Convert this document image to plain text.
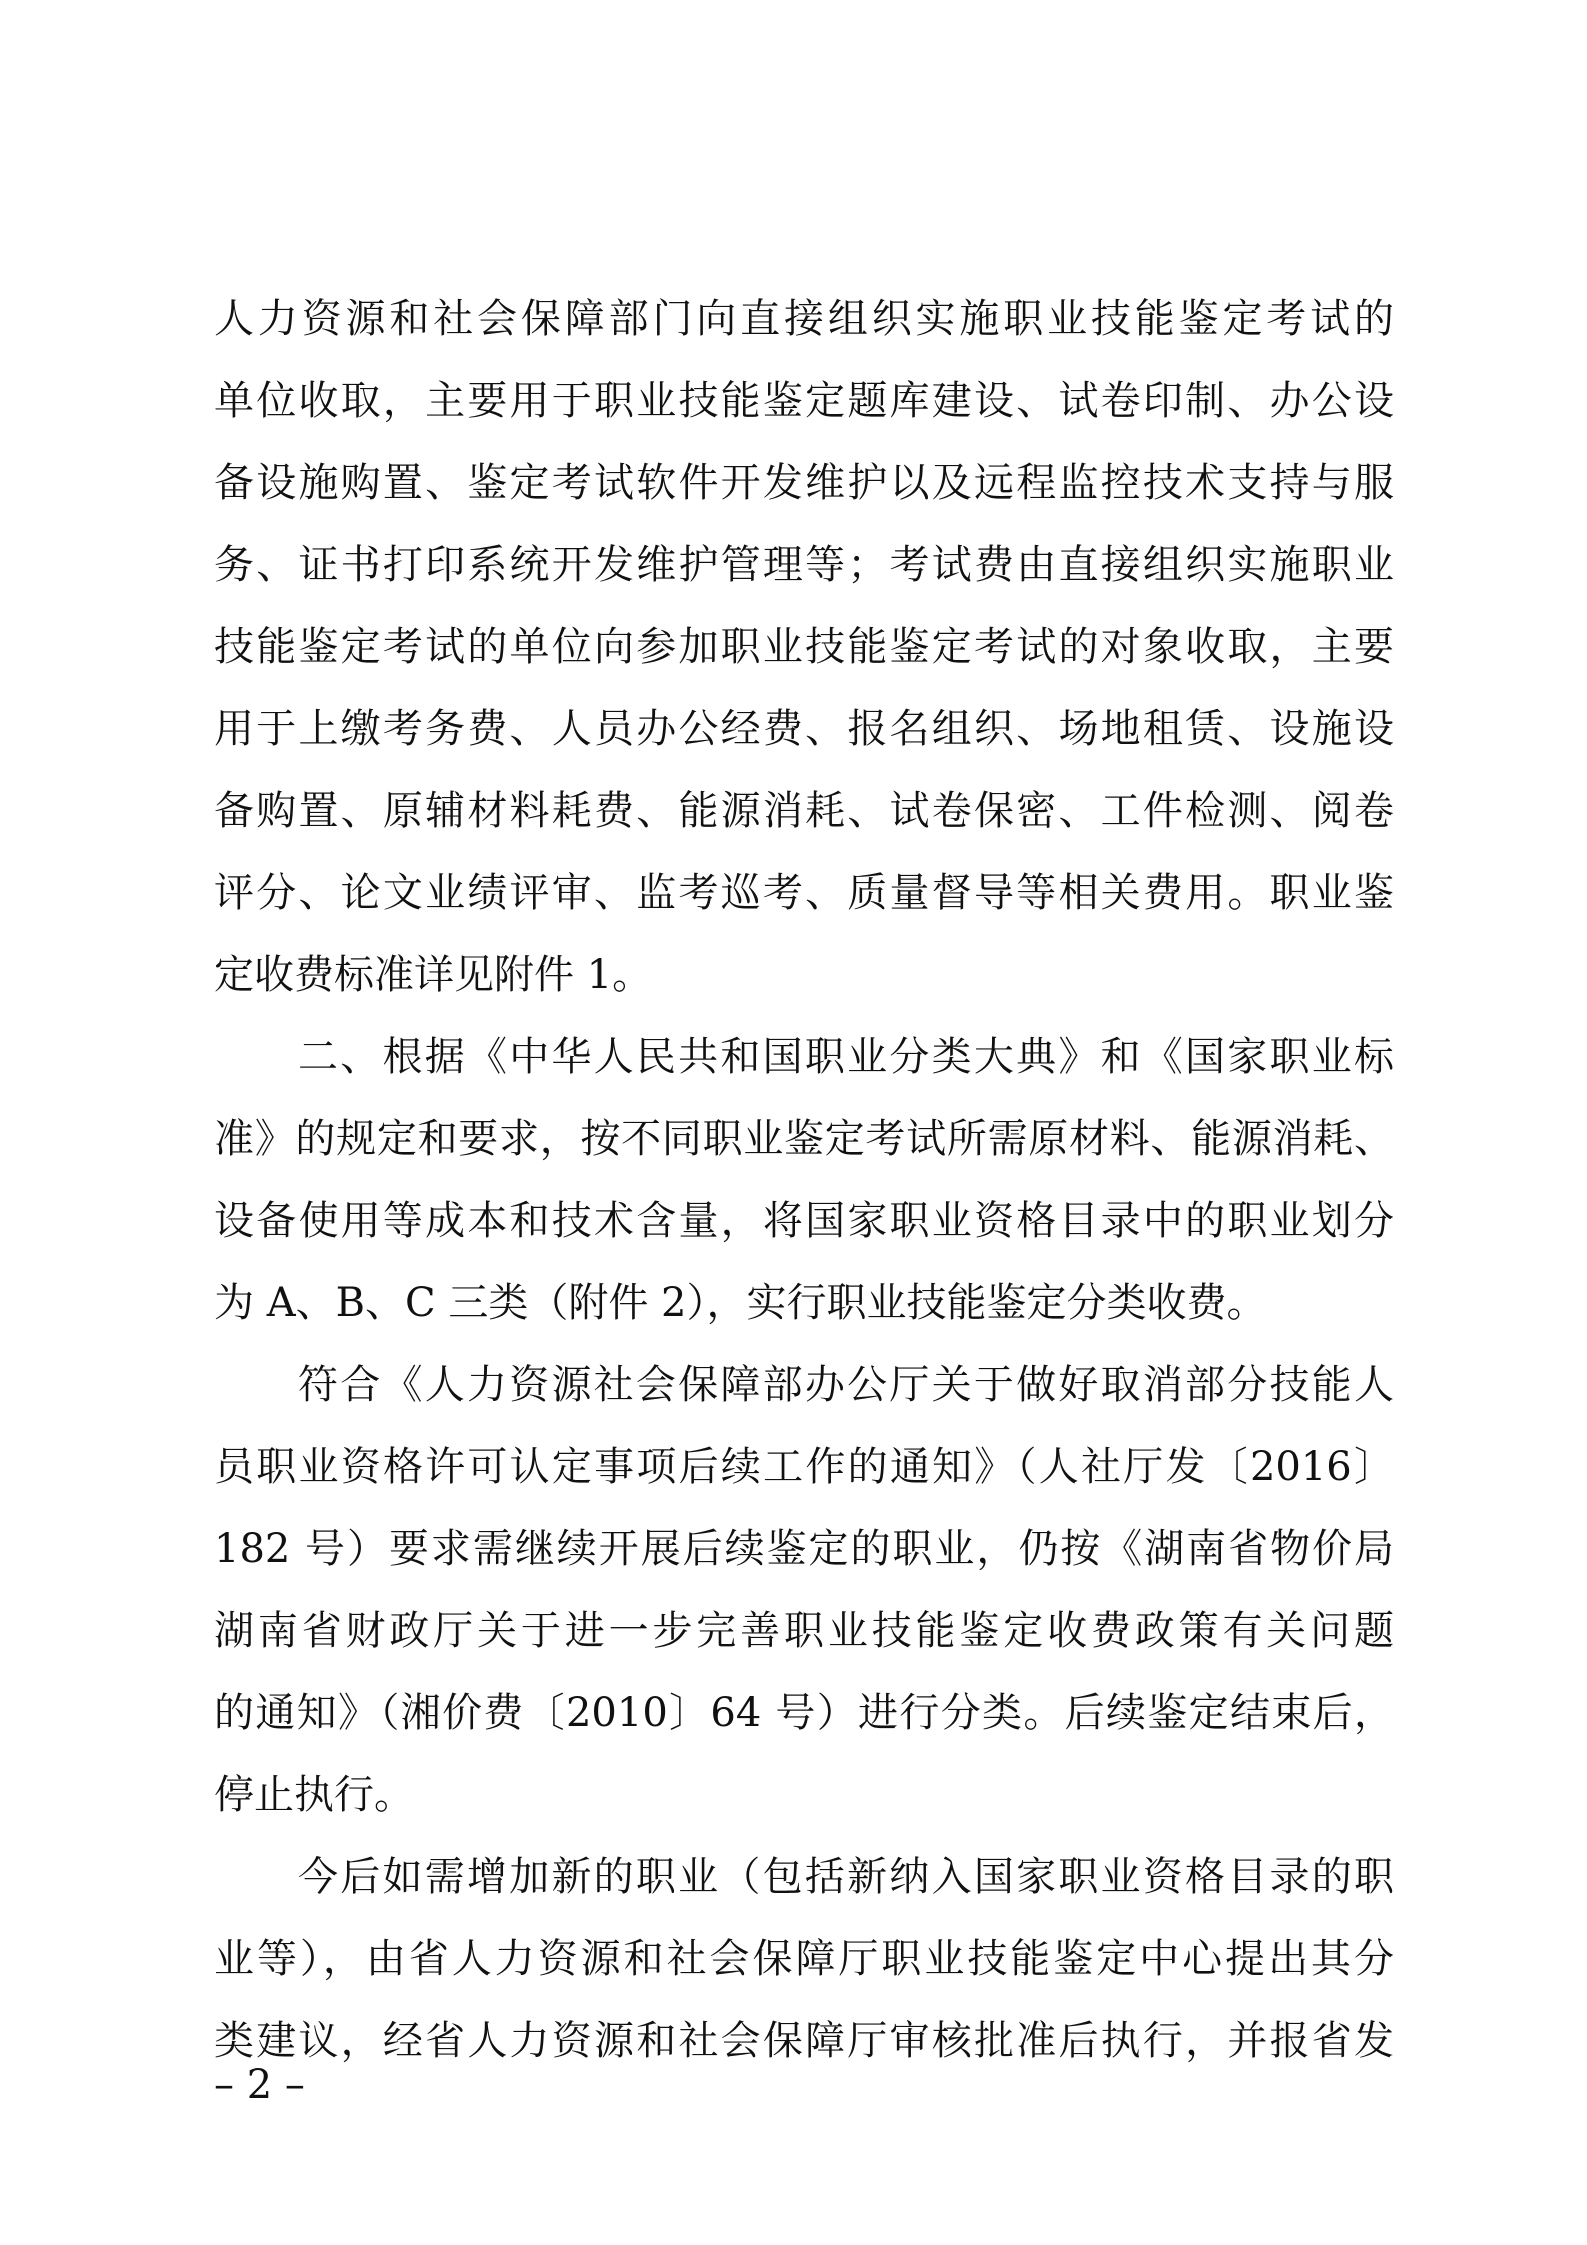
人力资源和社会保障部门向直接组织实施职业技能鉴定考试的
单位收取，主要用于职业技能鉴定题库建设、试卷印制、办公设
备设施购置、鉴定考试软件开发维护以及远程监控技术支持与服
务、证书打印系统开发维护管理等；考试费由直接组织实施职业
技能鉴定考试的单位向参加职业技能鉴定考试的对象收取，主要
用于上缴考务费、人员办公经费、报名组织、场地租赁、设施设
备购置、原辅材料耗费、能源消耗、试卷保密、工件检测、阅卷
评分、论文业绩评审、监考巡考、质量督导等相关费用。职业鉴
定收费标准详见附件 1。
二、根据《中华人民共和国职业分类大典》和《国家职业标
准》的规定和要求，按不同职业鉴定考试所需原材料、能源消耗、
设备使用等成本和技术含量，将国家职业资格目录中的职业划分
为 A、B、C 三类（附件 2），实行职业技能鉴定分类收费。
符合《人力资源社会保障部办公厅关于做好取消部分技能人
员职业资格许可认定事项后续工作的通知》（人社厅发〔2016〕
182 号）要求需继续开展后续鉴定的职业，仍按《湖南省物价局
湖南省财政厅关于进一步完善职业技能鉴定收费政策有关问题
的通知》（湘价费〔2010〕64 号）进行分类。后续鉴定结束后，
停止执行。
今后如需增加新的职业（包括新纳入国家职业资格目录的职
业等），由省人力资源和社会保障厅职业技能鉴定中心提出其分
类建议，经省人力资源和社会保障厅审核批准后执行，并报省发
– 2 –
